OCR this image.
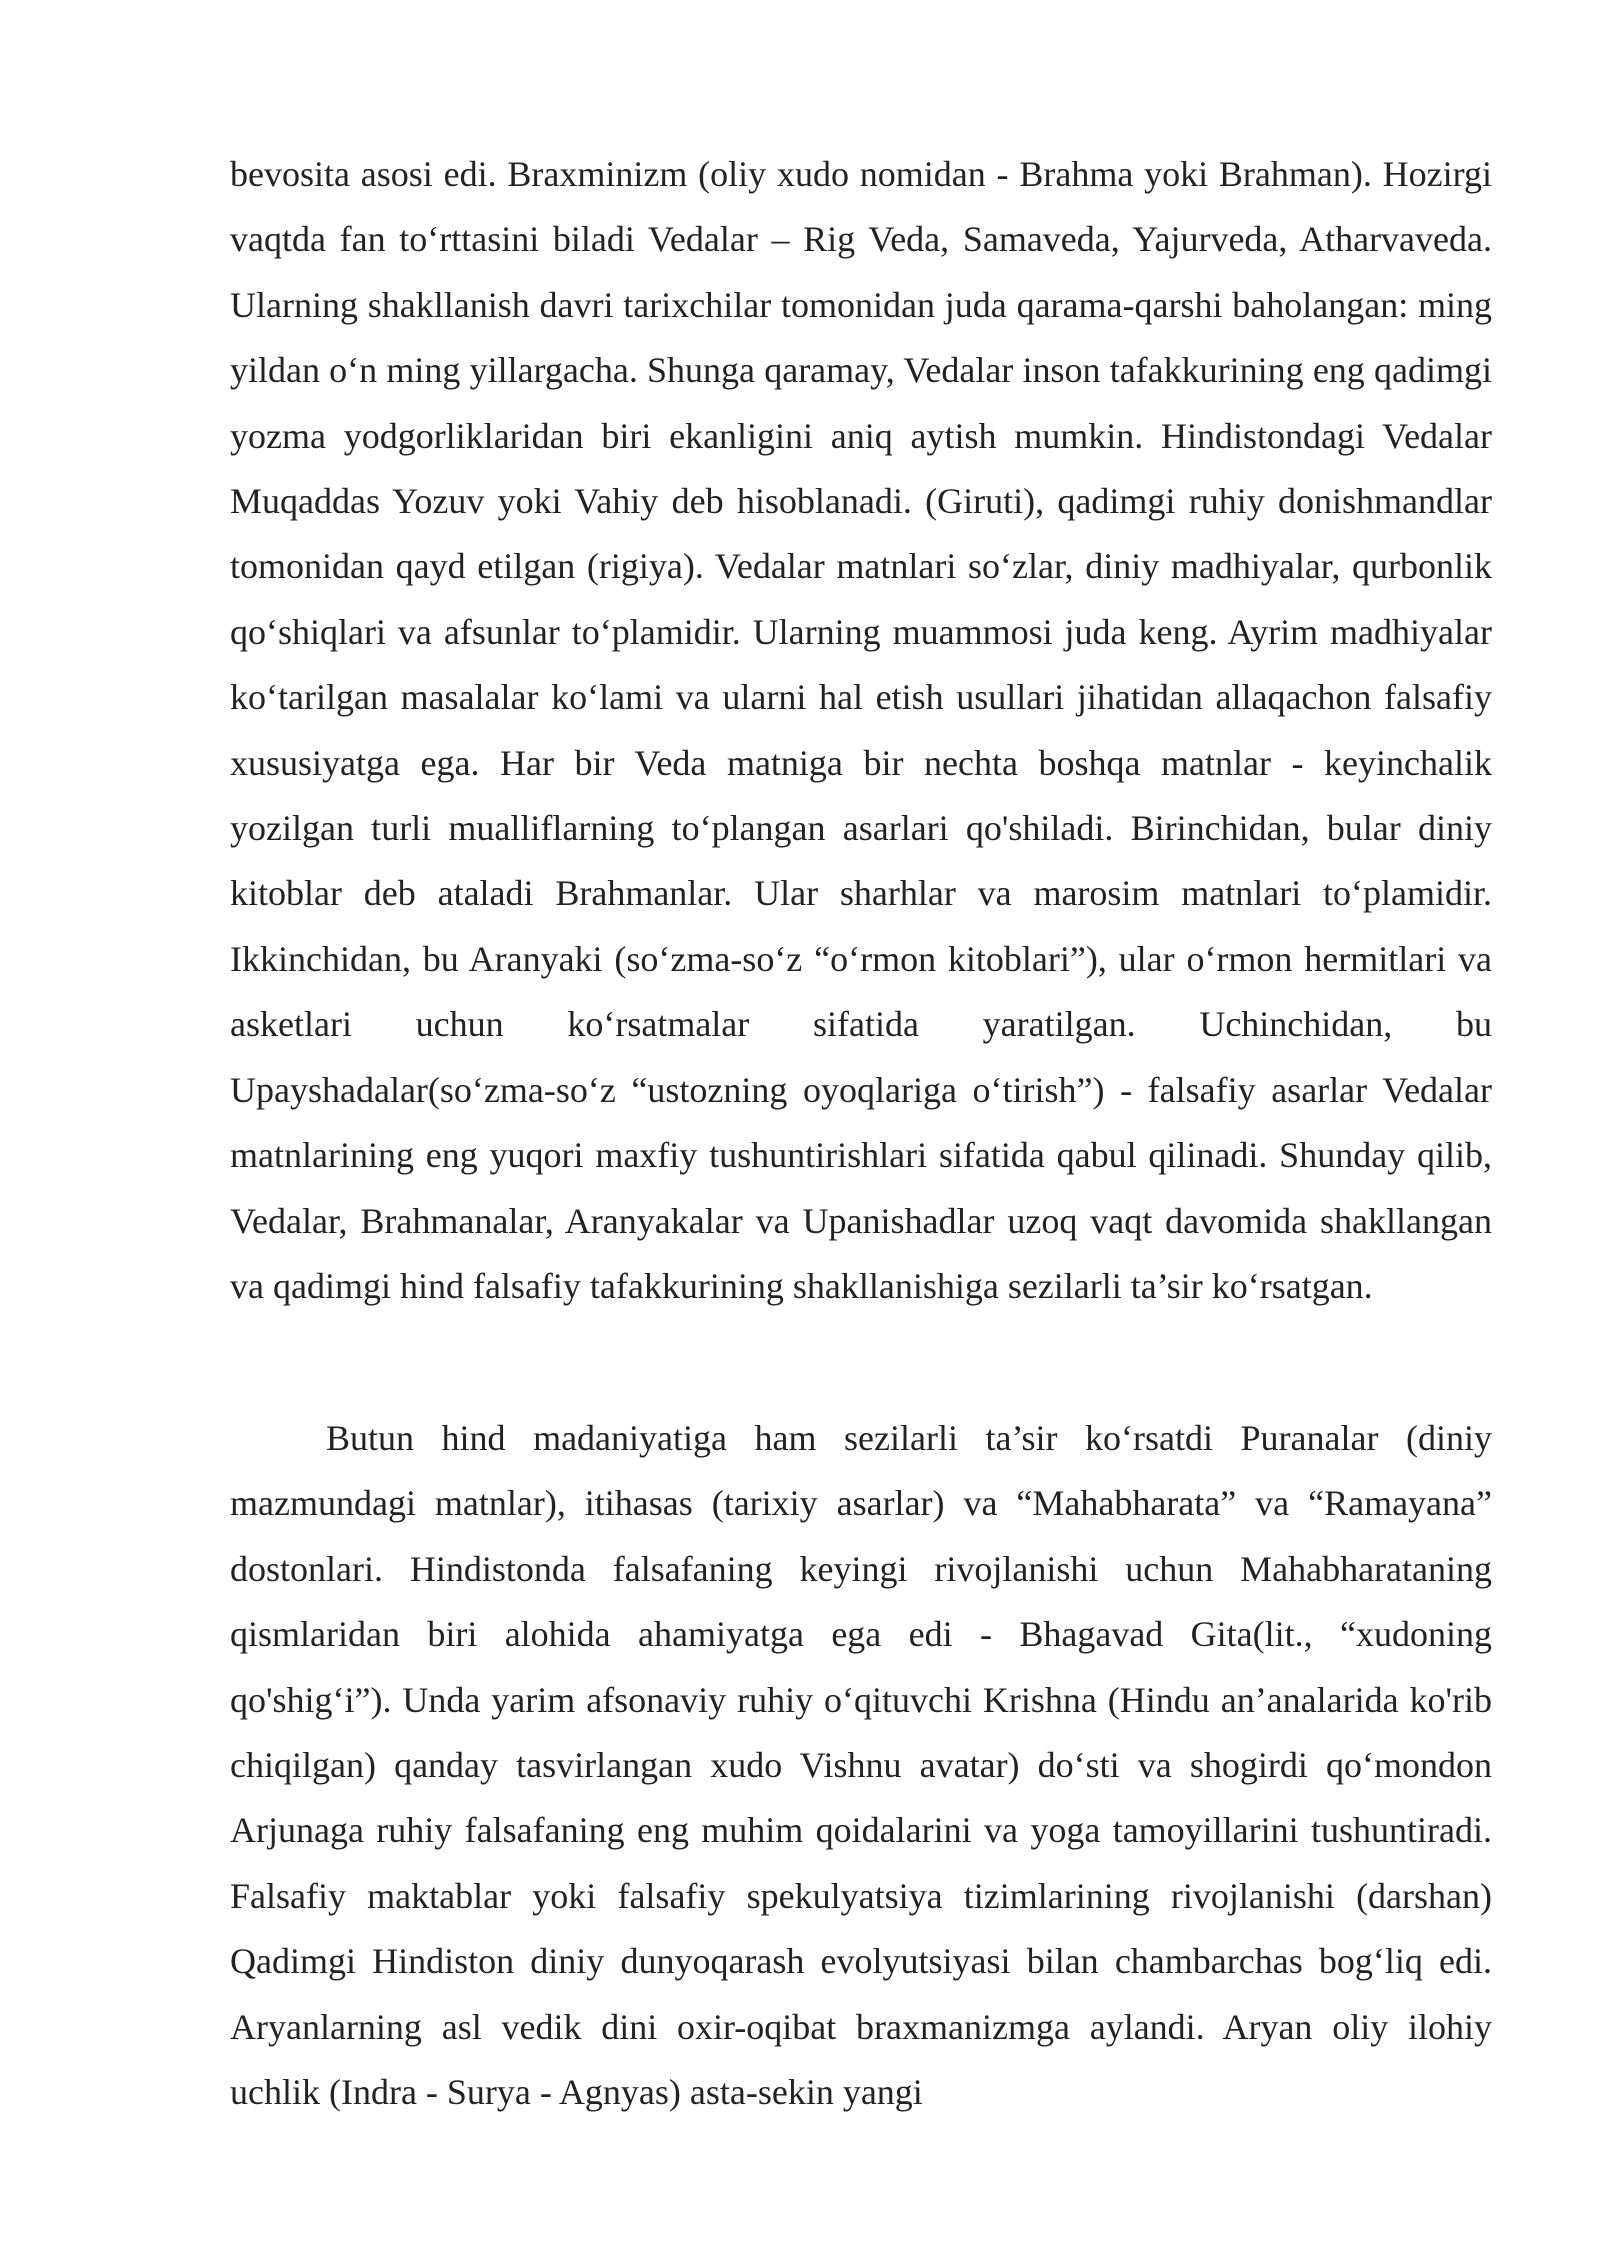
bevosita asosi edi. Braxminizm (oliy xudo nomidan - Brahma yoki Brahman). Hozirgi vaqtda fan to‘rttasini biladi Vedalar – Rig Veda, Samaveda, Yajurveda, Atharvaveda. Ularning shakllanish davri tarixchilar tomonidan juda qarama-qarshi baholangan: ming yildan o‘n ming yillargacha. Shunga qaramay, Vedalar inson tafakkurining eng qadimgi yozma yodgorliklaridan biri ekanligini aniq aytish mumkin. Hindistondagi Vedalar Muqaddas Yozuv yoki Vahiy deb hisoblanadi. (Giruti), qadimgi ruhiy donishmandlar tomonidan qayd etilgan (rigiya). Vedalar matnlari so‘zlar, diniy madhiyalar, qurbonlik qo‘shiqlari va afsunlar to‘plamidir. Ularning muammosi juda keng. Ayrim madhiyalar ko‘tarilgan masalalar ko‘lami va ularni hal etish usullari jihatidan allaqachon falsafiy xususiyatga ega. Har bir Veda matniga bir nechta boshqa matnlar - keyinchalik yozilgan turli mualliflarning to‘plangan asarlari qo'shiladi. Birinchidan, bular diniy kitoblar deb ataladi Brahmanlar. Ular sharhlar va marosim matnlari to‘plamidir. Ikkinchidan, bu Aranyaki (so‘zma-so‘z “o‘rmon kitoblari”), ular o‘rmon hermitlari va asketlari uchun ko‘rsatmalar sifatida yaratilgan. Uchinchidan, bu Upayshadalar(so‘zma-so‘z “ustozning oyoqlariga o‘tirish”) - falsafiy asarlar Vedalar matnlarining eng yuqori maxfiy tushuntirishlari sifatida qabul qilinadi. Shunday qilib, Vedalar, Brahmanalar, Aranyakalar va Upanishadlar uzoq vaqt davomida shakllangan va qadimgi hind falsafiy tafakkurining shakllanishiga sezilarli ta’sir ko‘rsatgan.

Butun hind madaniyatiga ham sezilarli ta’sir ko‘rsatdi Puranalar (diniy mazmundagi matnlar), itihasas (tarixiy asarlar) va “Mahabharata” va “Ramayana” dostonlari. Hindistonda falsafaning keyingi rivojlanishi uchun Mahabharataning qismlaridan biri alohida ahamiyatga ega edi - Bhagavad Gita(lit., “xudoning qo'shig‘i”). Unda yarim afsonaviy ruhiy o‘qituvchi Krishna (Hindu an’analarida ko'rib chiqilgan) qanday tasvirlangan xudo Vishnu avatar) do‘sti va shogirdi qo‘mondon Arjunaga ruhiy falsafaning eng muhim qoidalarini va yoga tamoyillarini tushuntiradi. Falsafiy maktablar yoki falsafiy spekulyatsiya tizimlarining rivojlanishi (darshan) Qadimgi Hindiston diniy dunyoqarash evolyutsiyasi bilan chambarchas bog‘liq edi. Aryanlarning asl vedik dini oxir-oqibat braxmanizmga aylandi. Aryan oliy ilohiy uchlik (Indra - Surya - Agnyas) asta-sekin yangi
